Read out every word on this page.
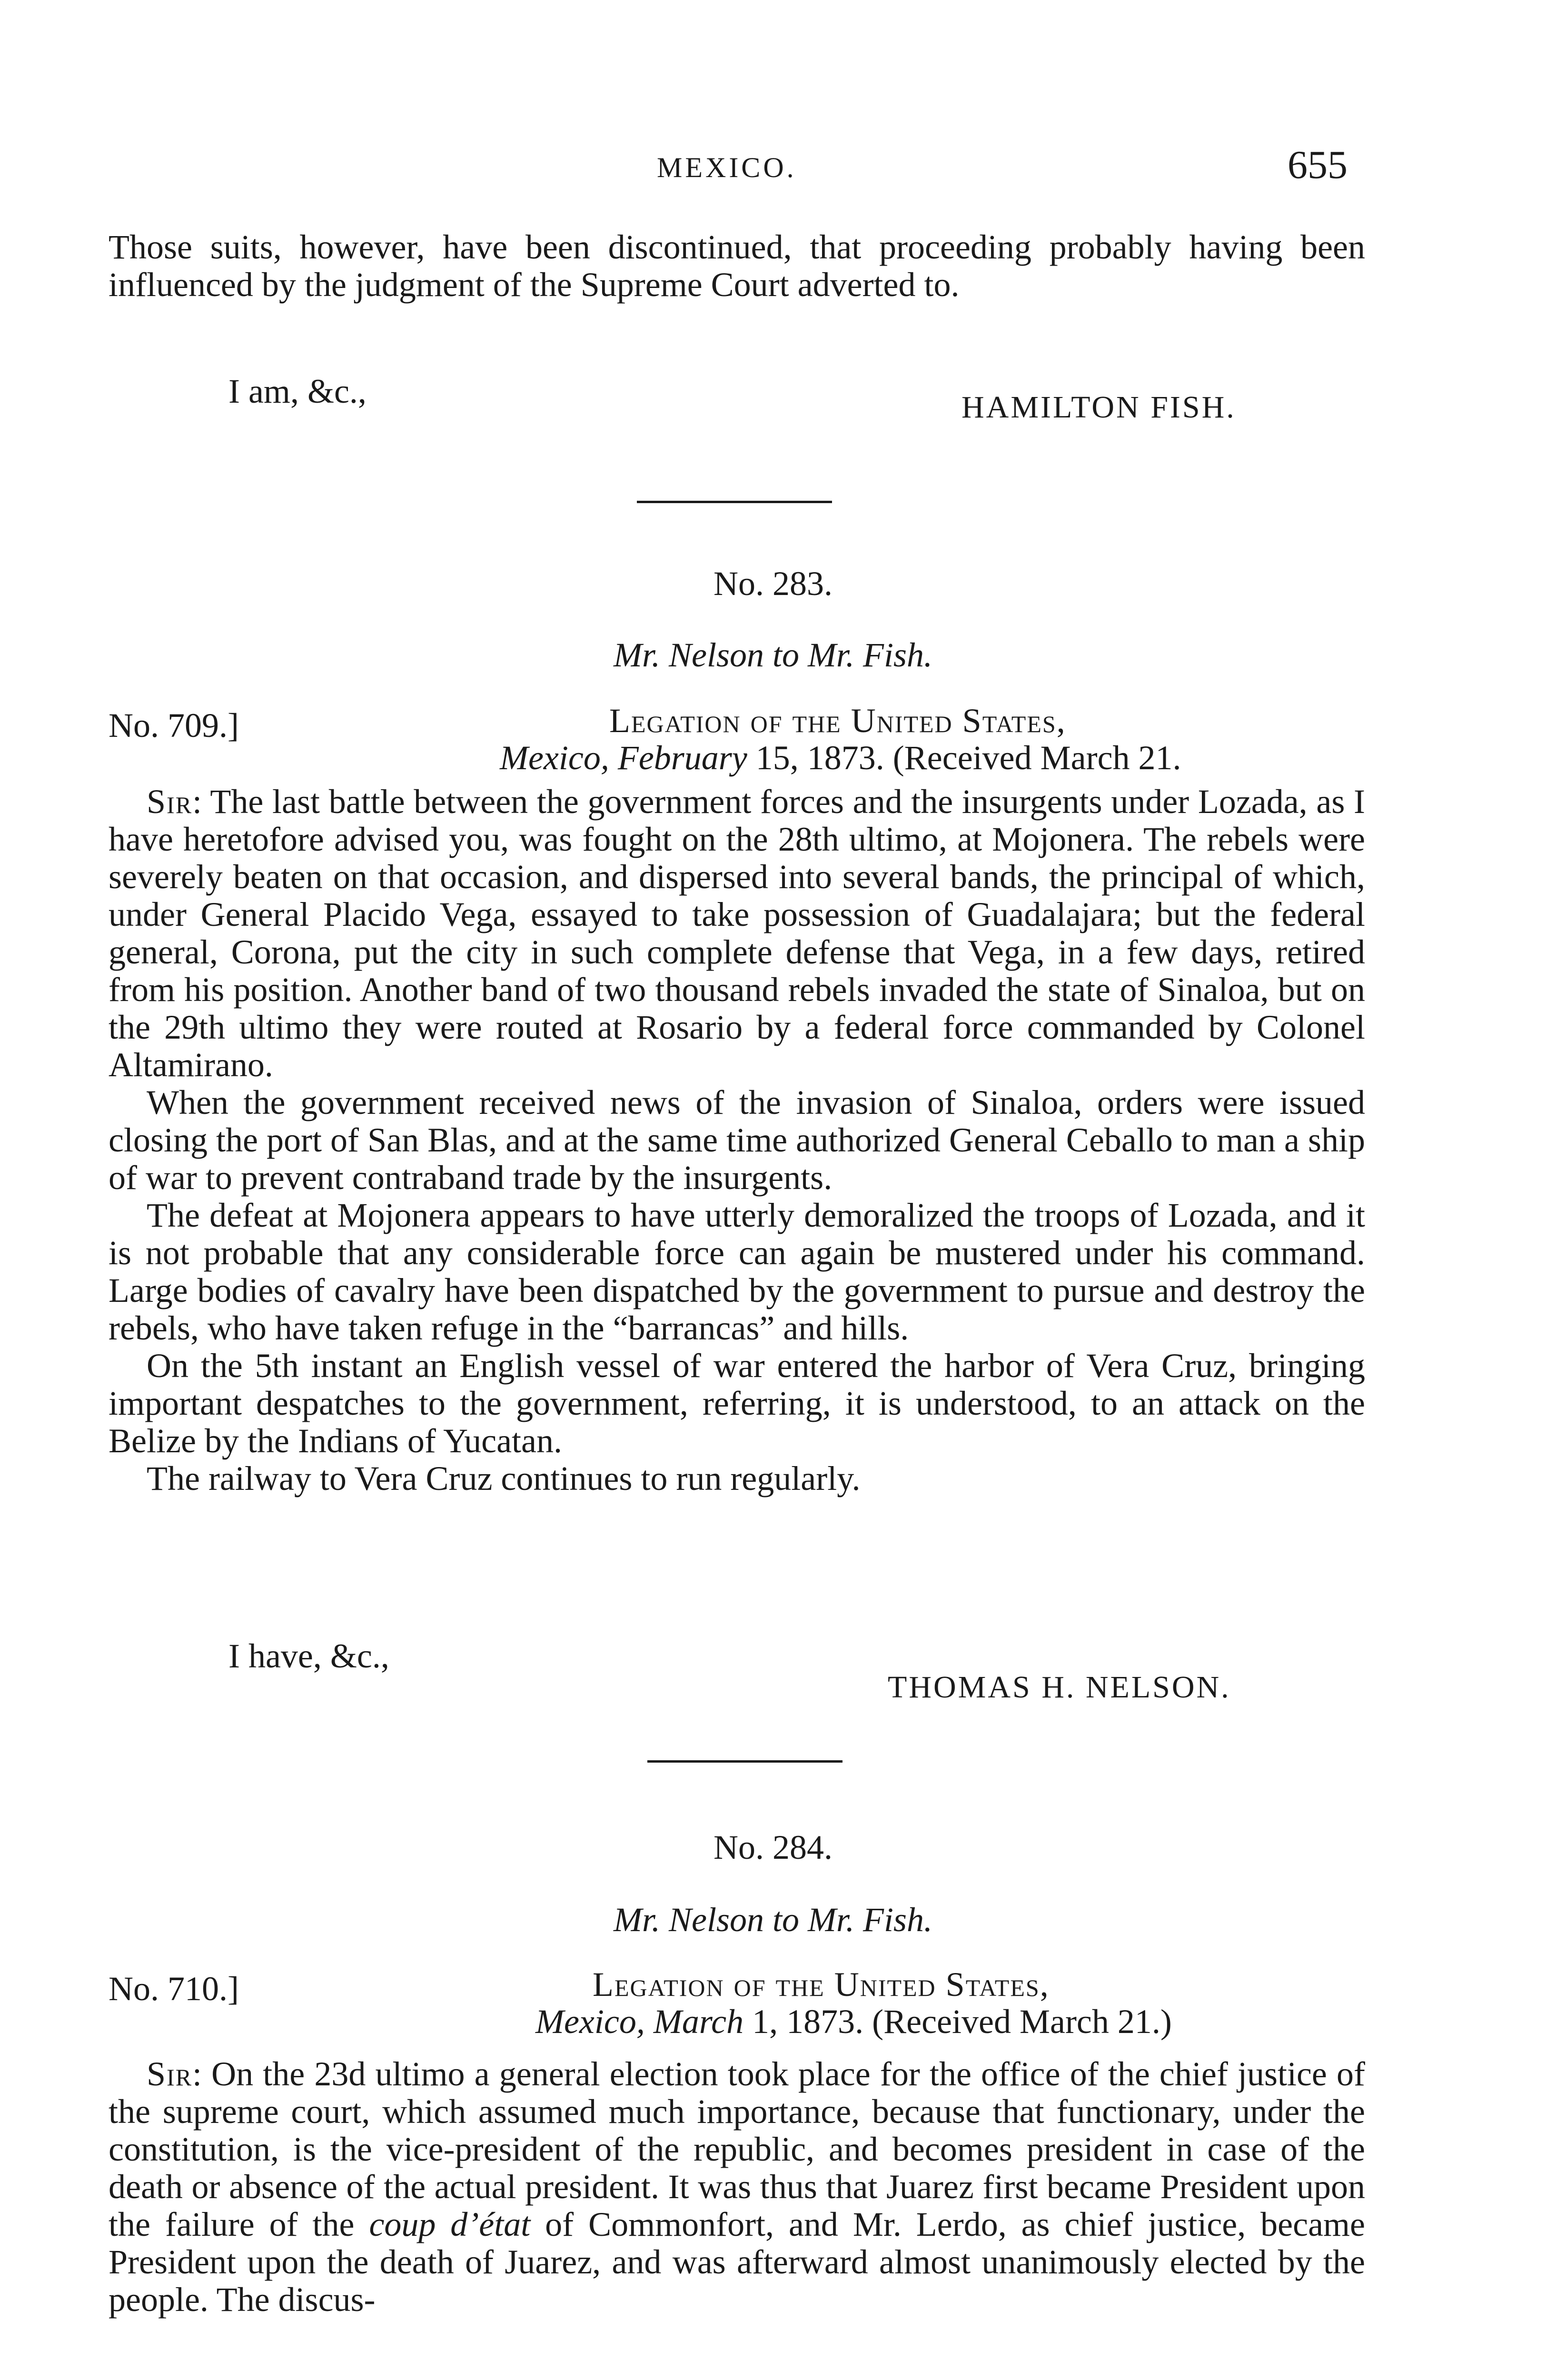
MEXICO.	655

Those suits, however, have been discontinued, that proceeding probably having been influenced by the judgment of the Supreme Court adverted to.

I am, &c.,	HAMILTON FISH.
No. 283.
Mr. Nelson to Mr. Fish.
No. 709.]	Legation of the United States,
Mexico, February 15, 1873. (Received March 21.

Sir: The last battle between the government forces and the insurgents under Lozada, as I have heretofore advised you, was fought on the 28th ultimo, at Mojonera. The rebels were severely beaten on that occasion, and dispersed into several bands, the principal of which, under General Placido Vega, essayed to take possession of Guadalajara; but the federal general, Corona, put the city in such complete defense that Vega, in a few days, retired from his position. Another band of two thousand rebels invaded the state of Sinaloa, but on the 29th ultimo they were routed at Rosario by a federal force commanded by Colonel Altamirano.

When the government received news of the invasion of Sinaloa, orders were issued closing the port of San Blas, and at the same time authorized General Ceballo to man a ship of war to prevent contraband trade by the insurgents.

The defeat at Mojonera appears to have utterly demoralized the troops of Lozada, and it is not probable that any considerable force can again be mustered under his command. Large bodies of cavalry have been dispatched by the government to pursue and destroy the rebels, who have taken refuge in the “barrancas” and hills.

On the 5th instant an English vessel of war entered the harbor of Vera Cruz, bringing important despatches to the government, referring, it is understood, to an attack on the Belize by the Indians of Yucatan.

The railway to Vera Cruz continues to run regularly.

I have, &c.,
THOMAS H. NELSON.
No. 284.
Mr. Nelson to Mr. Fish.
No. 710.]	Legation of the United States,
Mexico, March 1, 1873. (Received March 21.)

Sir: On the 23d ultimo a general election took place for the office of the chief justice of the supreme court, which assumed much importance, because that functionary, under the constitution, is the vice-president of the republic, and becomes president in case of the death or absence of the actual president. It was thus that Juarez first became President upon the failure of the coup d’état of Commonfort, and Mr. Lerdo, as chief justice, became President upon the death of Juarez, and was afterward almost unanimously elected by the people. The discus-
